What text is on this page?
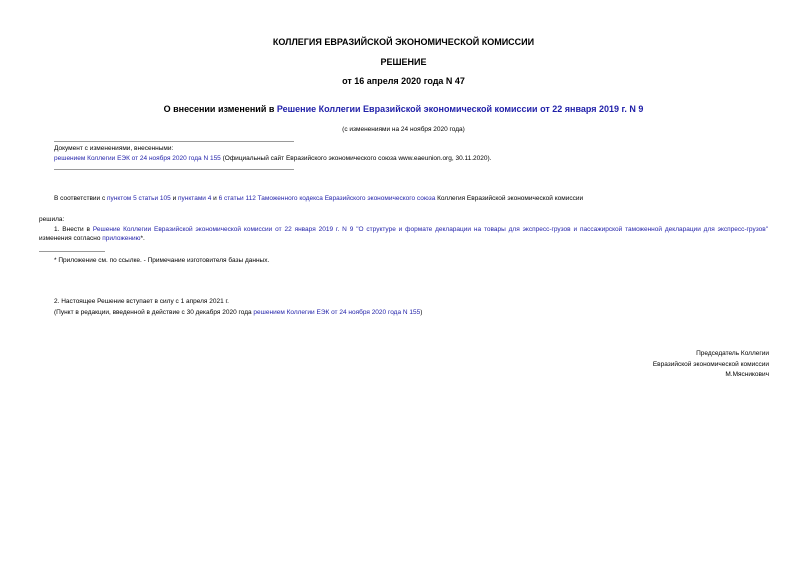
КОЛЛЕГИЯ ЕВРАЗИЙСКОЙ ЭКОНОМИЧЕСКОЙ КОМИССИИ
РЕШЕНИЕ
от 16 апреля 2020 года N 47
О внесении изменений в Решение Коллегии Евразийской экономической комиссии от 22 января 2019 г. N 9
(с изменениями на 24 ноября 2020 года)
Документ с изменениями, внесенными:
решением Коллегии ЕЭК от 24 ноября 2020 года N 155 (Официальный сайт Евразийского экономического союза www.eaeunion.org, 30.11.2020).
В соответствии с пунктом 5 статьи 105 и пунктами 4 и 6 статьи 112 Таможенного кодекса Евразийского экономического союза Коллегия Евразийской экономической комиссии
решила:
1. Внести в Решение Коллегии Евразийской экономической комиссии от 22 января 2019 г. N 9 "О структуре и формате декларации на товары для экспресс-грузов и пассажирской таможенной декларации для экспресс-грузов" изменения согласно приложению*.
* Приложение см. по ссылке. - Примечание изготовителя базы данных.
2. Настоящее Решение вступает в силу с 1 апреля 2021 г.
(Пункт в редакции, введенной в действие с 30 декабря 2020 года решением Коллегии ЕЭК от 24 ноября 2020 года N 155)
Председатель Коллегии
Евразийской экономической комиссии
М.Мясникович
